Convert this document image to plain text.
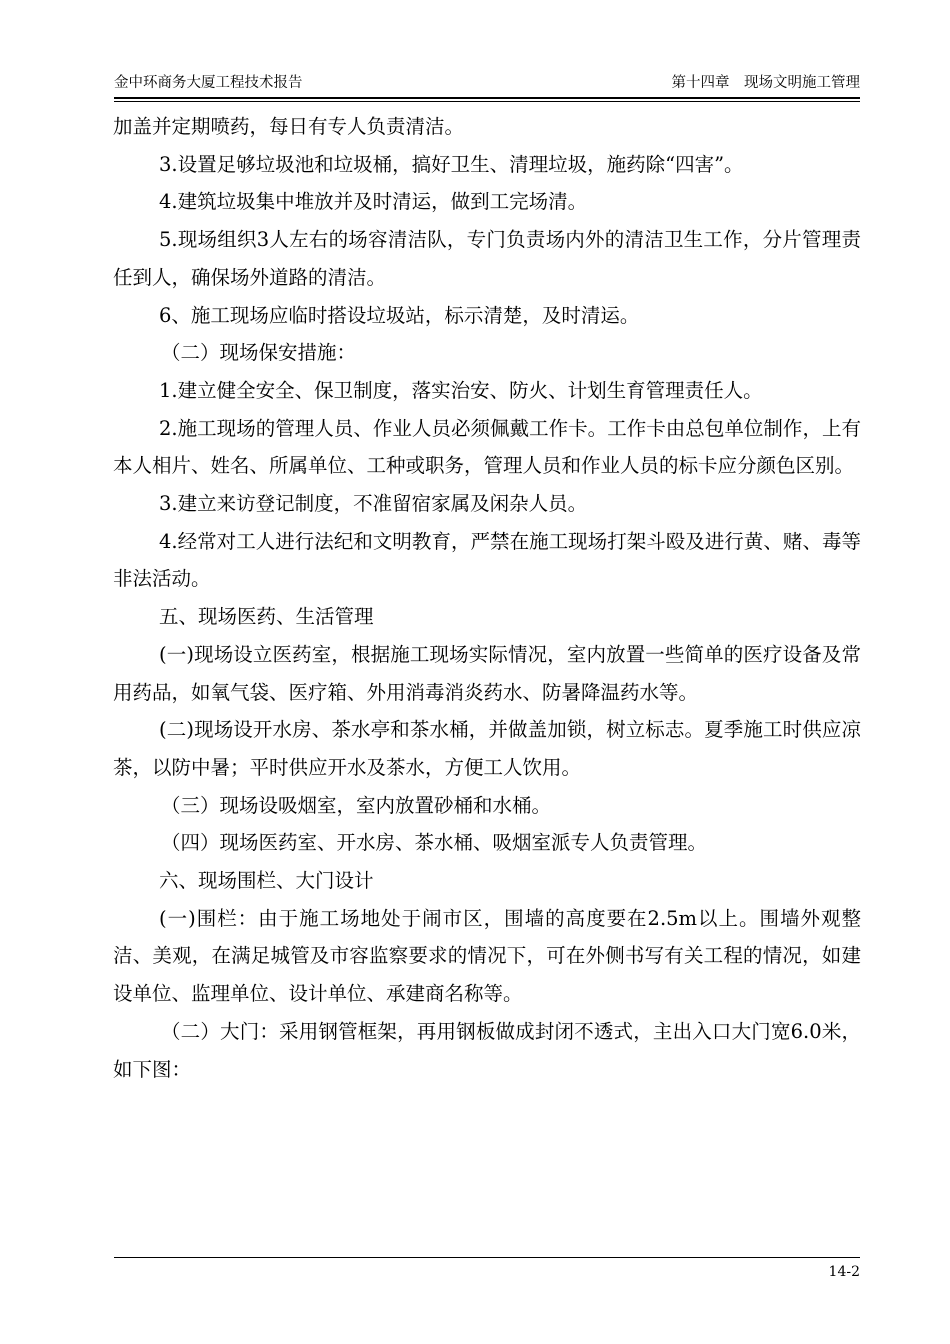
金中环商务大厦工程技术报告	第十四章　现场文明施工管理

加盖并定期喷药，每日有专人负责清洁。

3.设置足够垃圾池和垃圾桶，搞好卫生、清理垃圾，施药除“四害”。

4.建筑垃圾集中堆放并及时清运，做到工完场清。

5.现场组织3人左右的场容清洁队，专门负责场内外的清洁卫生工作，分片管理责任到人，确保场外道路的清洁。

6、施工现场应临时搭设垃圾站，标示清楚，及时清运。

（二）现场保安措施：

1.建立健全安全、保卫制度，落实治安、防火、计划生育管理责任人。

2.施工现场的管理人员、作业人员必须佩戴工作卡。工作卡由总包单位制作，上有本人相片、姓名、所属单位、工种或职务，管理人员和作业人员的标卡应分颜色区别。

3.建立来访登记制度，不准留宿家属及闲杂人员。

4.经常对工人进行法纪和文明教育，严禁在施工现场打架斗殴及进行黄、赌、毒等非法活动。

五、现场医药、生活管理

(一)现场设立医药室，根据施工现场实际情况，室内放置一些简单的医疗设备及常用药品，如氧气袋、医疗箱、外用消毒消炎药水、防暑降温药水等。

(二)现场设开水房、茶水亭和茶水桶，并做盖加锁，树立标志。夏季施工时供应凉茶，以防中暑；平时供应开水及茶水，方便工人饮用。

（三）现场设吸烟室，室内放置砂桶和水桶。

（四）现场医药室、开水房、茶水桶、吸烟室派专人负责管理。

六、现场围栏、大门设计

(一)围栏：由于施工场地处于闹市区，围墙的高度要在2.5m以上。围墙外观整洁、美观，在满足城管及市容监察要求的情况下，可在外侧书写有关工程的情况，如建设单位、监理单位、设计单位、承建商名称等。

（二）大门：采用钢管框架，再用钢板做成封闭不透式，主出入口大门宽6.0米，如下图：

14-2
